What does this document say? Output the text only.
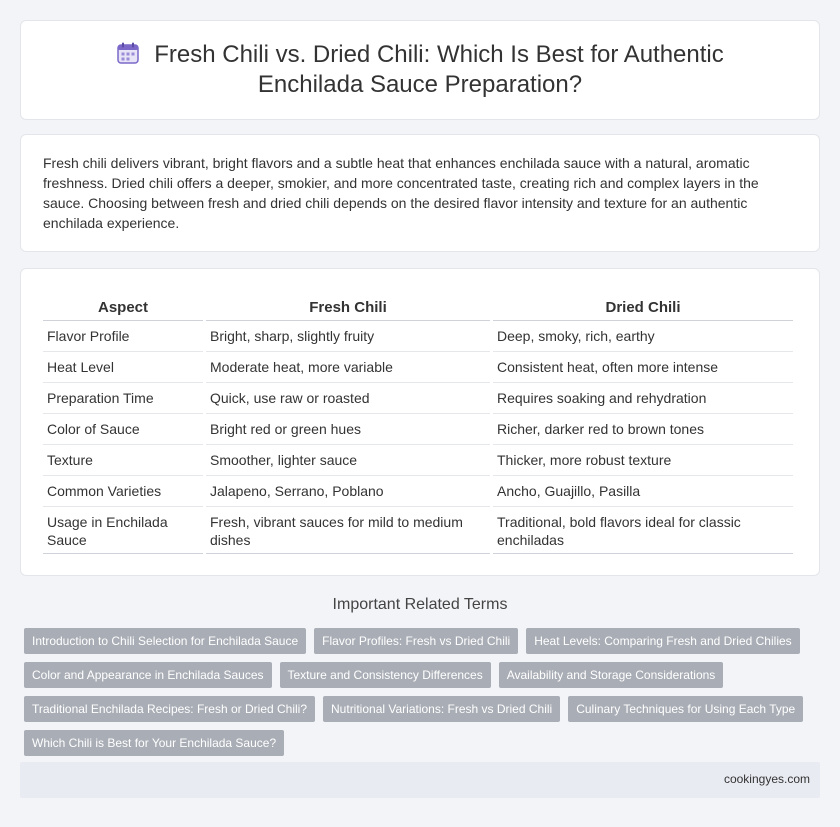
Fresh Chili vs. Dried Chili: Which Is Best for Authentic Enchilada Sauce Preparation?

Fresh chili delivers vibrant, bright flavors and a subtle heat that enhances enchilada sauce with a natural, aromatic freshness. Dried chili offers a deeper, smokier, and more concentrated taste, creating rich and complex layers in the sauce. Choosing between fresh and dried chili depends on the desired flavor intensity and texture for an authentic enchilada experience.

Aspect	Fresh Chili	Dried Chili
Flavor Profile	Bright, sharp, slightly fruity	Deep, smoky, rich, earthy
Heat Level	Moderate heat, more variable	Consistent heat, often more intense
Preparation Time	Quick, use raw or roasted	Requires soaking and rehydration
Color of Sauce	Bright red or green hues	Richer, darker red to brown tones
Texture	Smoother, lighter sauce	Thicker, more robust texture
Common Varieties	Jalapeno, Serrano, Poblano	Ancho, Guajillo, Pasilla
Usage in Enchilada Sauce	Fresh, vibrant sauces for mild to medium dishes	Traditional, bold flavors ideal for classic enchiladas
Important Related Terms
Introduction to Chili Selection for Enchilada Sauce	Flavor Profiles: Fresh vs Dried Chili	Heat Levels: Comparing Fresh and Dried Chilies
Color and Appearance in Enchilada Sauces	Texture and Consistency Differences	Availability and Storage Considerations
Traditional Enchilada Recipes: Fresh or Dried Chili?	Nutritional Variations: Fresh vs Dried Chili	Culinary Techniques for Using Each Type
Which Chili is Best for Your Enchilada Sauce?
cookingyes.com
